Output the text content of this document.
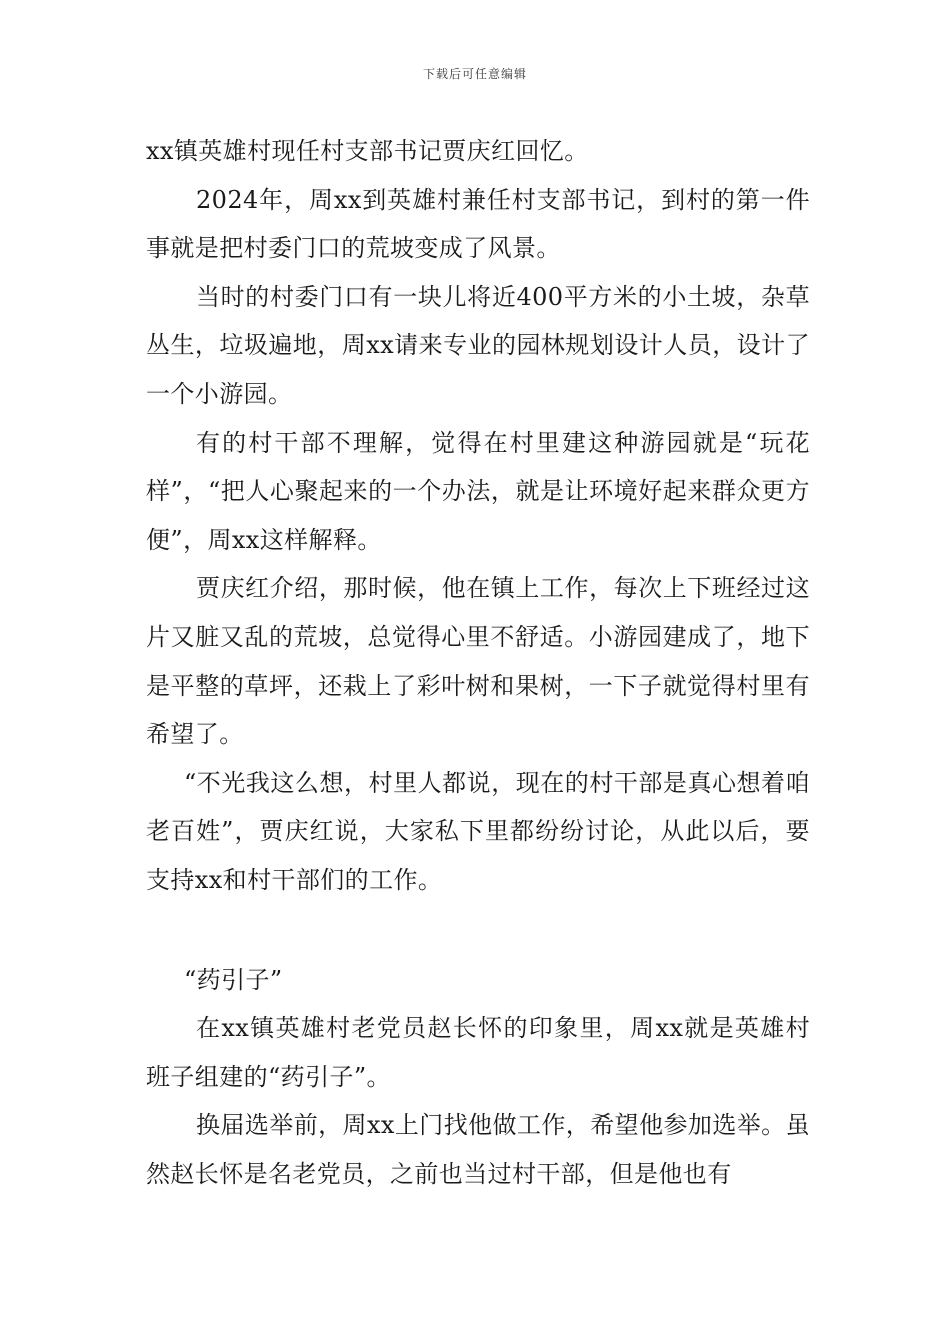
下载后可任意编辑

xx镇英雄村现任村支部书记贾庆红回忆。

2024年，周xx到英雄村兼任村支部书记，到村的第一件事就是把村委门口的荒坡变成了风景。

当时的村委门口有一块儿将近400平方米的小土坡，杂草丛生，垃圾遍地，周xx请来专业的园林规划设计人员，设计了一个小游园。

有的村干部不理解，觉得在村里建这种游园就是“玩花样”，“把人心聚起来的一个办法，就是让环境好起来群众更方便”，周xx这样解释。

贾庆红介绍，那时候，他在镇上工作，每次上下班经过这片又脏又乱的荒坡，总觉得心里不舒适。小游园建成了，地下是平整的草坪，还栽上了彩叶树和果树，一下子就觉得村里有希望了。

“不光我这么想，村里人都说，现在的村干部是真心想着咱老百姓”，贾庆红说，大家私下里都纷纷讨论，从此以后，要支持xx和村干部们的工作。

“药引子”

在xx镇英雄村老党员赵长怀的印象里，周xx就是英雄村班子组建的“药引子”。

换届选举前，周xx上门找他做工作，希望他参加选举。虽然赵长怀是名老党员，之前也当过村干部，但是他也有
